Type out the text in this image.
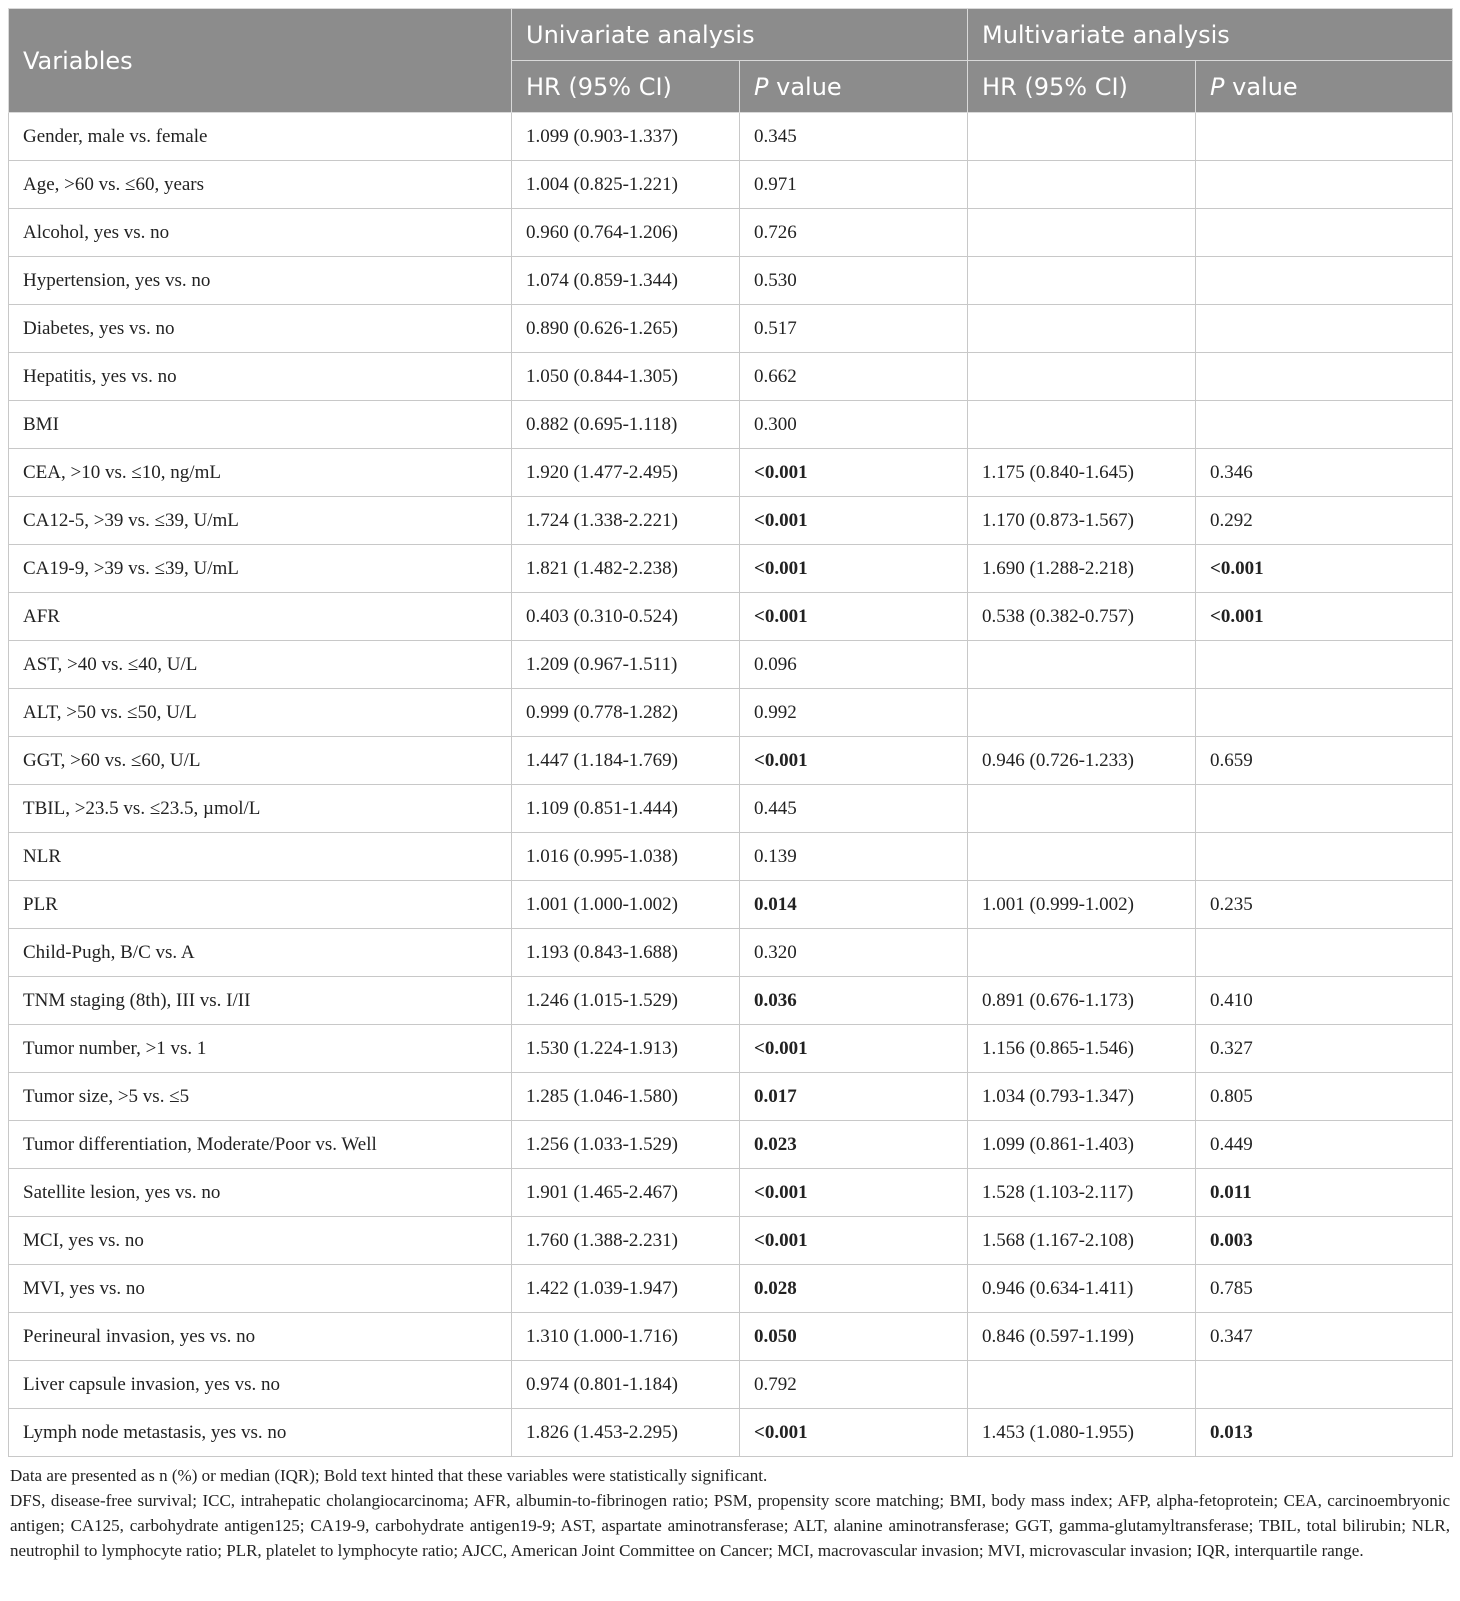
Variables	Univariate analysis		Multivariate analysis	
	HR (95% CI)	P value	HR (95% CI)	P value
Gender, male vs. female	1.099 (0.903-1.337)	0.345		
Age, >60 vs. ≤60, years	1.004 (0.825-1.221)	0.971		
Alcohol, yes vs. no	0.960 (0.764-1.206)	0.726		
Hypertension, yes vs. no	1.074 (0.859-1.344)	0.530		
Diabetes, yes vs. no	0.890 (0.626-1.265)	0.517		
Hepatitis, yes vs. no	1.050 (0.844-1.305)	0.662		
BMI	0.882 (0.695-1.118)	0.300		
CEA, >10 vs. ≤10, ng/mL	1.920 (1.477-2.495)	<0.001	1.175 (0.840-1.645)	0.346
CA12-5, >39 vs. ≤39, U/mL	1.724 (1.338-2.221)	<0.001	1.170 (0.873-1.567)	0.292
CA19-9, >39 vs. ≤39, U/mL	1.821 (1.482-2.238)	<0.001	1.690 (1.288-2.218)	<0.001
AFR	0.403 (0.310-0.524)	<0.001	0.538 (0.382-0.757)	<0.001
AST, >40 vs. ≤40, U/L	1.209 (0.967-1.511)	0.096		
ALT, >50 vs. ≤50, U/L	0.999 (0.778-1.282)	0.992		
GGT, >60 vs. ≤60, U/L	1.447 (1.184-1.769)	<0.001	0.946 (0.726-1.233)	0.659
TBIL, >23.5 vs. ≤23.5, µmol/L	1.109 (0.851-1.444)	0.445		
NLR	1.016 (0.995-1.038)	0.139		
PLR	1.001 (1.000-1.002)	0.014	1.001 (0.999-1.002)	0.235
Child-Pugh, B/C vs. A	1.193 (0.843-1.688)	0.320		
TNM staging (8th), III vs. I/II	1.246 (1.015-1.529)	0.036	0.891 (0.676-1.173)	0.410
Tumor number, >1 vs. 1	1.530 (1.224-1.913)	<0.001	1.156 (0.865-1.546)	0.327
Tumor size, >5 vs. ≤5	1.285 (1.046-1.580)	0.017	1.034 (0.793-1.347)	0.805
Tumor differentiation, Moderate/Poor vs. Well	1.256 (1.033-1.529)	0.023	1.099 (0.861-1.403)	0.449
Satellite lesion, yes vs. no	1.901 (1.465-2.467)	<0.001	1.528 (1.103-2.117)	0.011
MCI, yes vs. no	1.760 (1.388-2.231)	<0.001	1.568 (1.167-2.108)	0.003
MVI, yes vs. no	1.422 (1.039-1.947)	0.028	0.946 (0.634-1.411)	0.785
Perineural invasion, yes vs. no	1.310 (1.000-1.716)	0.050	0.846 (0.597-1.199)	0.347
Liver capsule invasion, yes vs. no	0.974 (0.801-1.184)	0.792		
Lymph node metastasis, yes vs. no	1.826 (1.453-2.295)	<0.001	1.453 (1.080-1.955)	0.013

Data are presented as n (%) or median (IQR); Bold text hinted that these variables were statistically significant.

DFS, disease-free survival; ICC, intrahepatic cholangiocarcinoma; AFR, albumin-to-fibrinogen ratio; PSM, propensity score matching; BMI, body mass index; AFP, alpha-fetoprotein; CEA, carcinoembryonic antigen; CA125, carbohydrate antigen125; CA19-9, carbohydrate antigen19-9; AST, aspartate aminotransferase; ALT, alanine aminotransferase; GGT, gamma-glutamyltransferase; TBIL, total bilirubin; NLR, neutrophil to lymphocyte ratio; PLR, platelet to lymphocyte ratio; AJCC, American Joint Committee on Cancer; MCI, macrovascular invasion; MVI, microvascular invasion; IQR, interquartile range.
